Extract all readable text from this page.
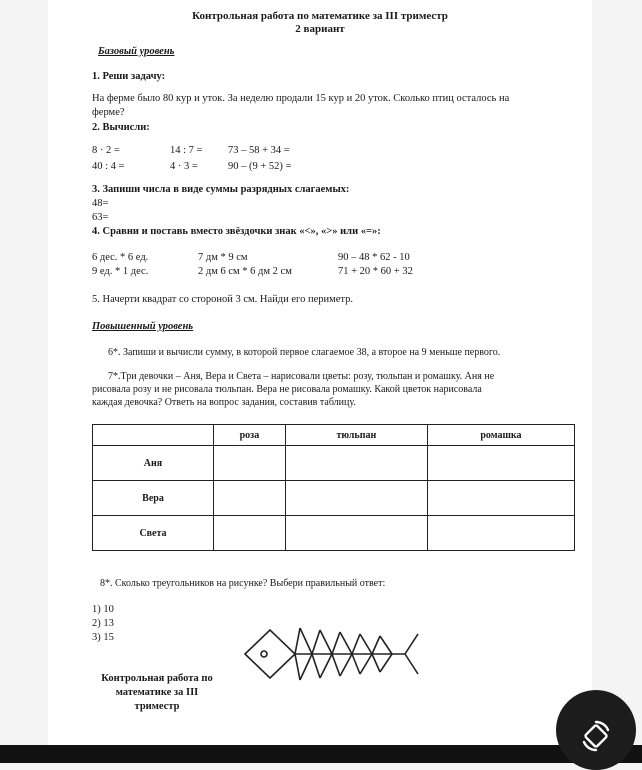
Контрольная работа по математике за III триместр
2 вариант
Базовый уровень
1. Реши задачу:
На ферме было 80 кур и уток. За неделю продали 15 кур и 20 уток. Сколько птиц осталось на
ферме?
2. Вычисли:
8 · 2 =	14 : 7 = 73 – 58 + 34 =
40 : 4 =	4 · 3 =	90 – (9 + 52) =
3. Запиши числа в виде суммы разрядных слагаемых:
48=
63=
4. Сравни и поставь вместо звёздочки знак «<», «>» или «=»:
6 дес. * 6 ед.	7 дм * 9 см	90 – 48 * 62 - 10
9 ед. * 1 дес.	2 дм 6 см * 6 дм 2 см	71 + 20 * 60 + 32
5. Начерти квадрат со стороной 3 см. Найди его периметр.
Повышенный уровень
6*. Запиши и вычисли сумму, в которой первое слагаемое 38, а второе на 9 меньше первого.
7*.Три девочки – Аня, Вера и Света – нарисовали цветы: розу, тюльпан и ромашку. Аня не
рисовала розу и не рисовала тюльпан. Вера не рисовала ромашку. Какой цветок нарисовала
каждая девочка? Ответь на вопрос задания, составив таблицу.
	роза	тюльпан	ромашка
Аня			
Вера			
Света			
8*. Сколько треугольников на рисунке? Выбери правильный ответ:
1) 10
2) 13
3) 15
Контрольная работа по
математике за III
триместр
